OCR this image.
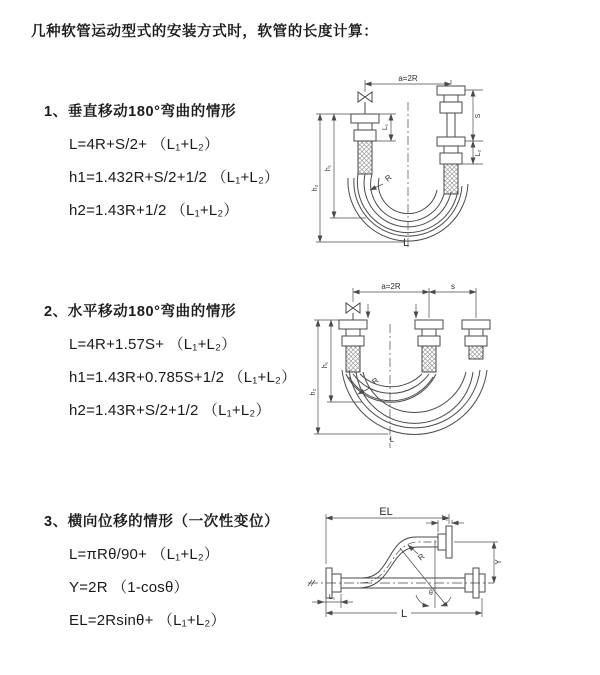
几种软管运动型式的安装方式时，软管的长度计算：
1、垂直移动180°弯曲的情形
L=4R+S/2+ （L₁+L₂）
h1=1.432R+S/2+1/2 （L₁+L₂）
h2=1.43R+1/2 （L₁+L₂）
2、水平移动180°弯曲的情形
L=4R+1.57S+ （L₁+L₂）
h1=1.43R+0.785S+1/2 （L₁+L₂）
h2=1.43R+S/2+1/2 （L₁+L₂）
3、横向位移的情形（一次性变位）
L=πRθ/90+ （L₁+L₂）
Y=2R （1-cosθ）
EL=2Rsinθ+ （L₁+L₂）
a=2R
h₁
h₂
L₁
S
L₂
R
L
a=2R	s
h₁
h₂
R
L
EL
L₂
Y
R
θ
L₁
L
